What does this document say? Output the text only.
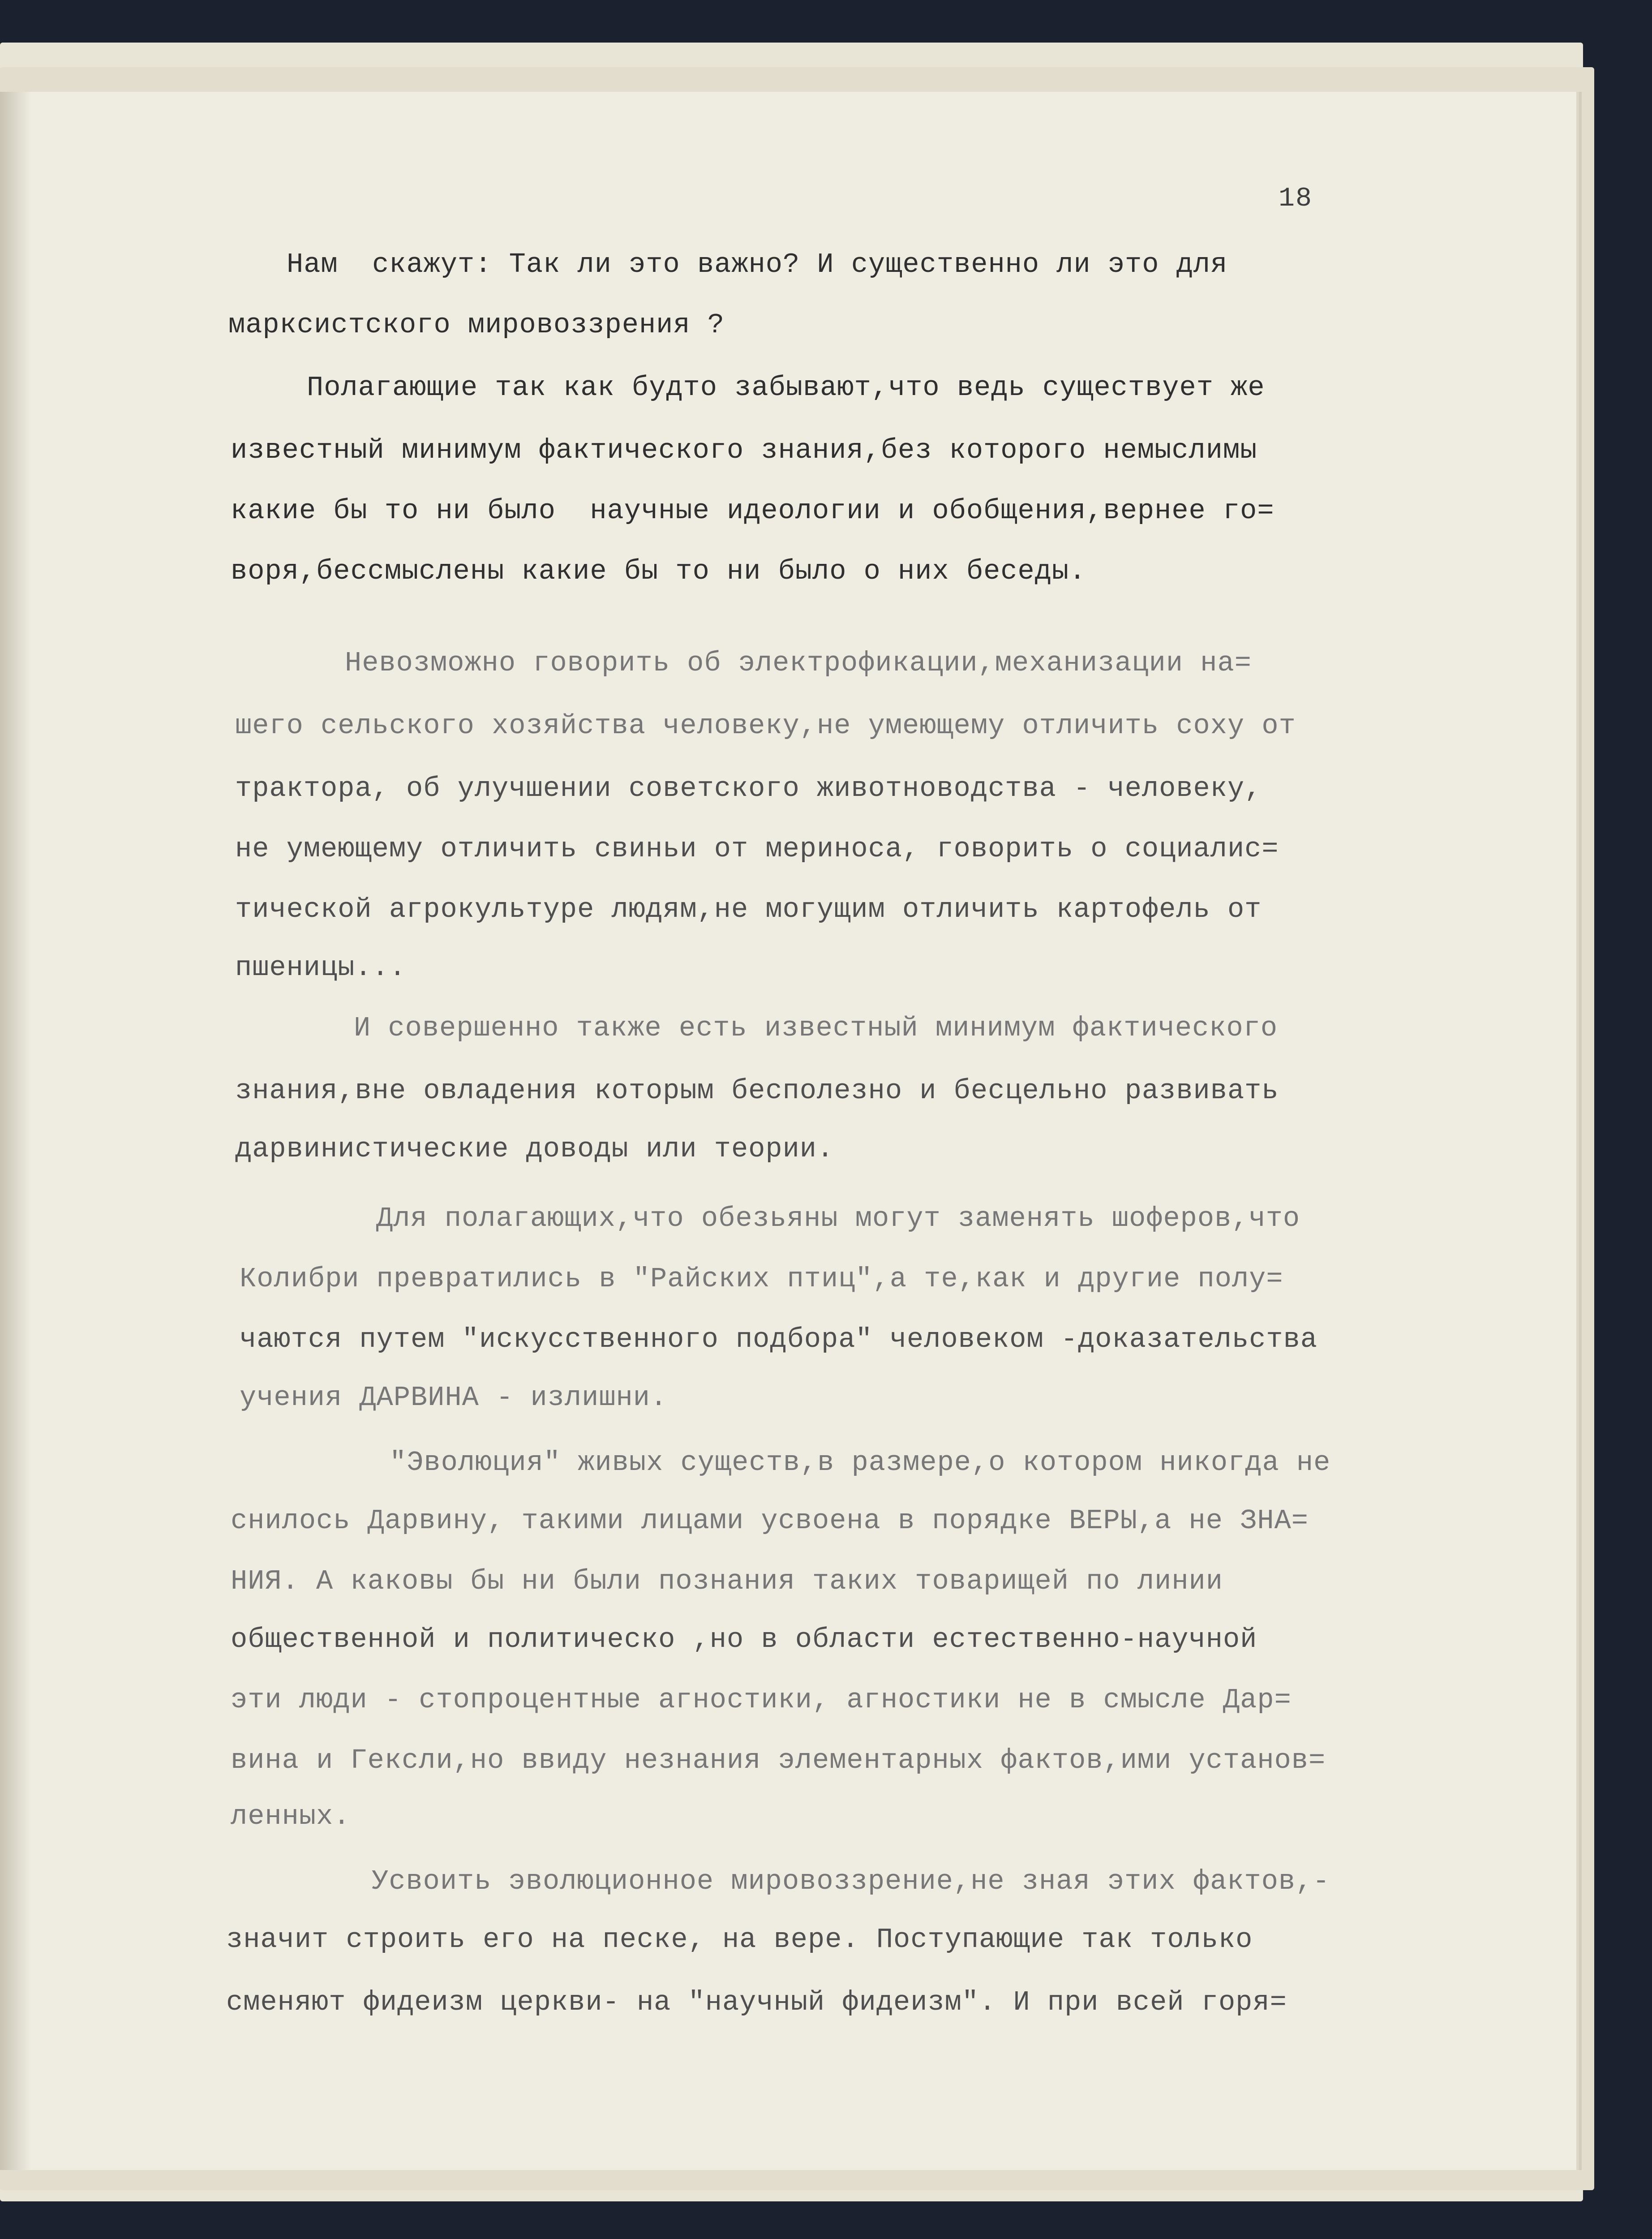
18
Нам  скажут: Так ли это важно? И существенно ли это для
марксистского мировоззрения ?
Полагающие так как будто забывают,что ведь существует же
известный минимум фактического знания,без которого немыслимы
какие бы то ни было  научные идеологии и обобщения,вернее го=
воря,бессмыслены какие бы то ни было о них беседы.
Невозможно говорить об электрофикации,механизации на=
шего сельского хозяйства человеку,не умеющему отличить соху от
трактора, об улучшении советского животноводства - человеку,
не умеющему отличить свиньи от мериноса, говорить о социалис=
тической агрокультуре людям,не могущим отличить картофель от
пшеницы...
И совершенно также есть известный минимум фактического
знания,вне овладения которым бесполезно и бесцельно развивать
дарвинистические доводы или теории.
Для полагающих,что обезьяны могут заменять шоферов,что
Колибри превратились в "Райских птиц",а те,как и другие полу=
чаются путем "искусственного подбора" человеком -доказательства
учения ДАРВИНА - излишни.
"Эволюция" живых существ,в размере,о котором никогда не
снилось Дарвину, такими лицами усвоена в порядке ВЕРЫ,а не ЗНА=
НИЯ. А каковы бы ни были познания таких товарищей по линии
общественной и политическо ,но в области естественно-научной
эти люди - стопроцентные агностики, агностики не в смысле Дар=
вина и Гексли,но ввиду незнания элементарных фактов,ими установ=
ленных.
Усвоить эволюционное мировоззрение,не зная этих фактов,-
значит строить его на песке, на вере. Поступающие так только
сменяют фидеизм церкви- на "научный фидеизм". И при всей горя=
